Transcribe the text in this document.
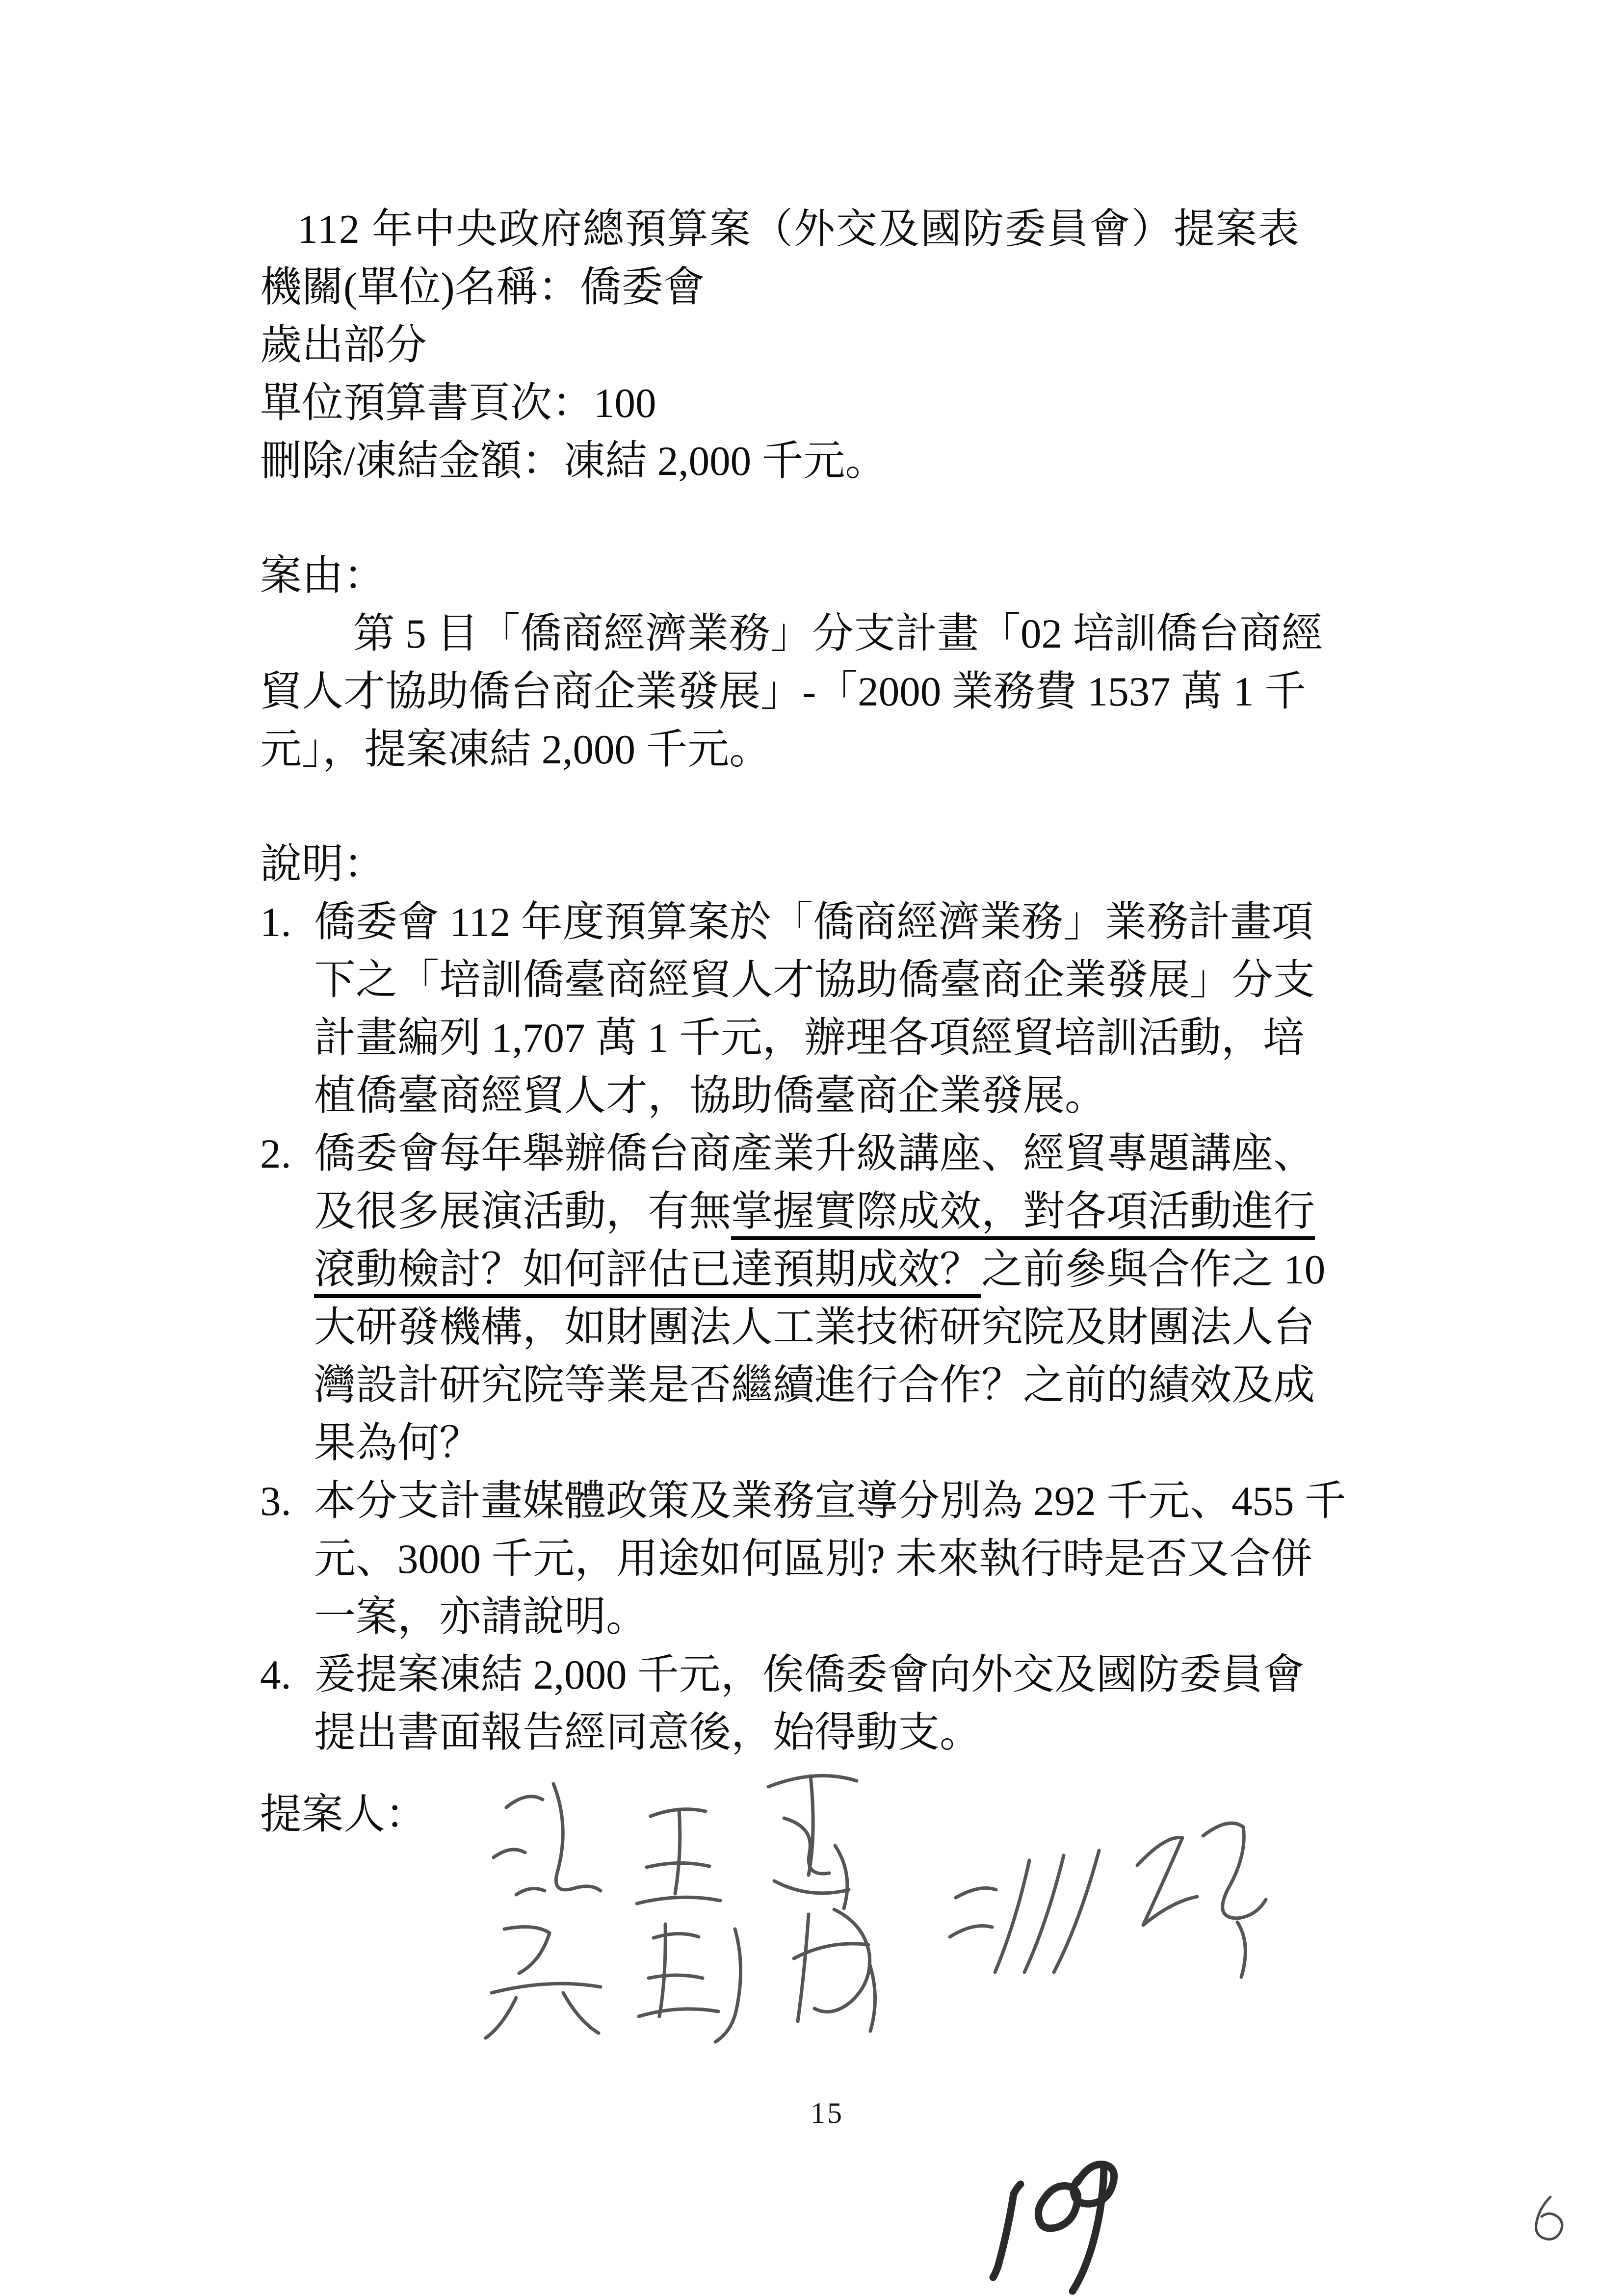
112 年中央政府總預算案（外交及國防委員會）提案表
機關(單位)名稱：僑委會
歲出部分
單位預算書頁次：100
刪除/凍結金額：凍結 2,000 千元。
案由：
第 5 目「僑商經濟業務」分支計畫「02 培訓僑台商經
貿人才協助僑台商企業發展」-「2000 業務費 1537 萬 1 千
元」，提案凍結 2,000 千元。
說明：
1. 僑委會 112 年度預算案於「僑商經濟業務」業務計畫項
下之「培訓僑臺商經貿人才協助僑臺商企業發展」分支
計畫編列 1,707 萬 1 千元，辦理各項經貿培訓活動，培
植僑臺商經貿人才，協助僑臺商企業發展。
2. 僑委會每年舉辦僑台商產業升級講座、經貿專題講座、
及很多展演活動，有無掌握實際成效，對各項活動進行
滾動檢討？如何評估已達預期成效？之前參與合作之 10
大研發機構，如財團法人工業技術研究院及財團法人台
灣設計研究院等業是否繼續進行合作？之前的績效及成
果為何？
3. 本分支計畫媒體政策及業務宣導分別為 292 千元、455 千
元、3000 千元，用途如何區別? 未來執行時是否又合併
一案，亦請說明。
4. 爰提案凍結 2,000 千元，俟僑委會向外交及國防委員會
提出書面報告經同意後，始得動支。
提案人：
15
